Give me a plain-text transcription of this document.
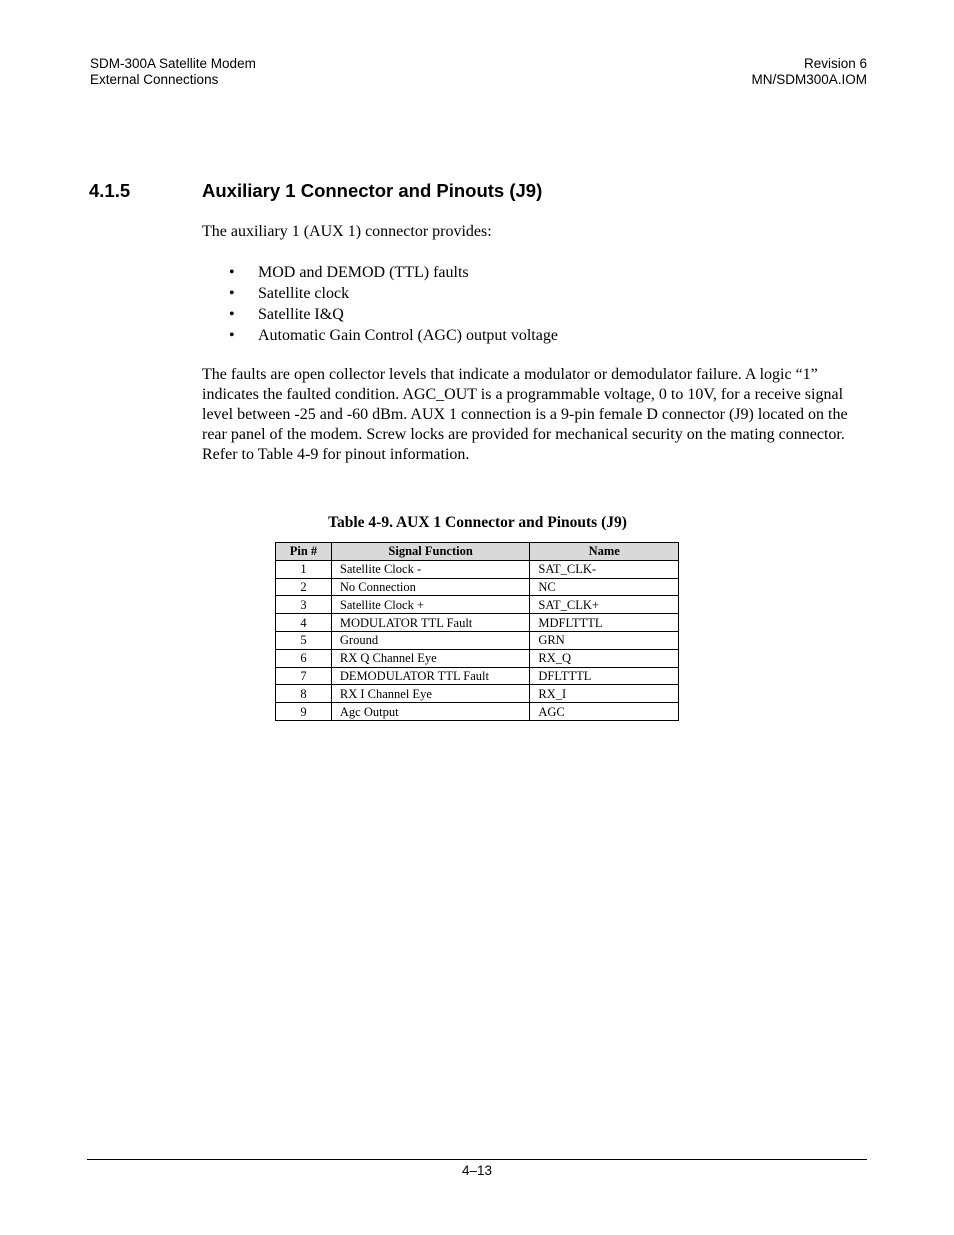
SDM-300A Satellite Modem
External Connections
Revision 6
MN/SDM300A.IOM
4.1.5	Auxiliary 1 Connector and Pinouts (J9)
The auxiliary 1 (AUX 1) connector provides:
• MOD and DEMOD (TTL) faults
• Satellite clock
• Satellite I&Q
• Automatic Gain Control (AGC) output voltage
The faults are open collector levels that indicate a modulator or demodulator failure. A logic “1” indicates the faulted condition. AGC_OUT is a programmable voltage, 0 to 10V, for a receive signal level between -25 and -60 dBm. AUX 1 connection is a 9-pin female D connector (J9) located on the rear panel of the modem. Screw locks are provided for mechanical security on the mating connector. Refer to Table 4-9 for pinout information.
Table 4-9. AUX 1 Connector and Pinouts (J9)
Pin #	Signal Function	Name
1	Satellite Clock -	SAT_CLK-
2	No Connection	NC
3	Satellite Clock +	SAT_CLK+
4	MODULATOR TTL Fault	MDFLTTTL
5	Ground	GRN
6	RX Q Channel Eye	RX_Q
7	DEMODULATOR TTL Fault	DFLTTTL
8	RX I Channel Eye	RX_I
9	Agc Output	AGC
4–13
